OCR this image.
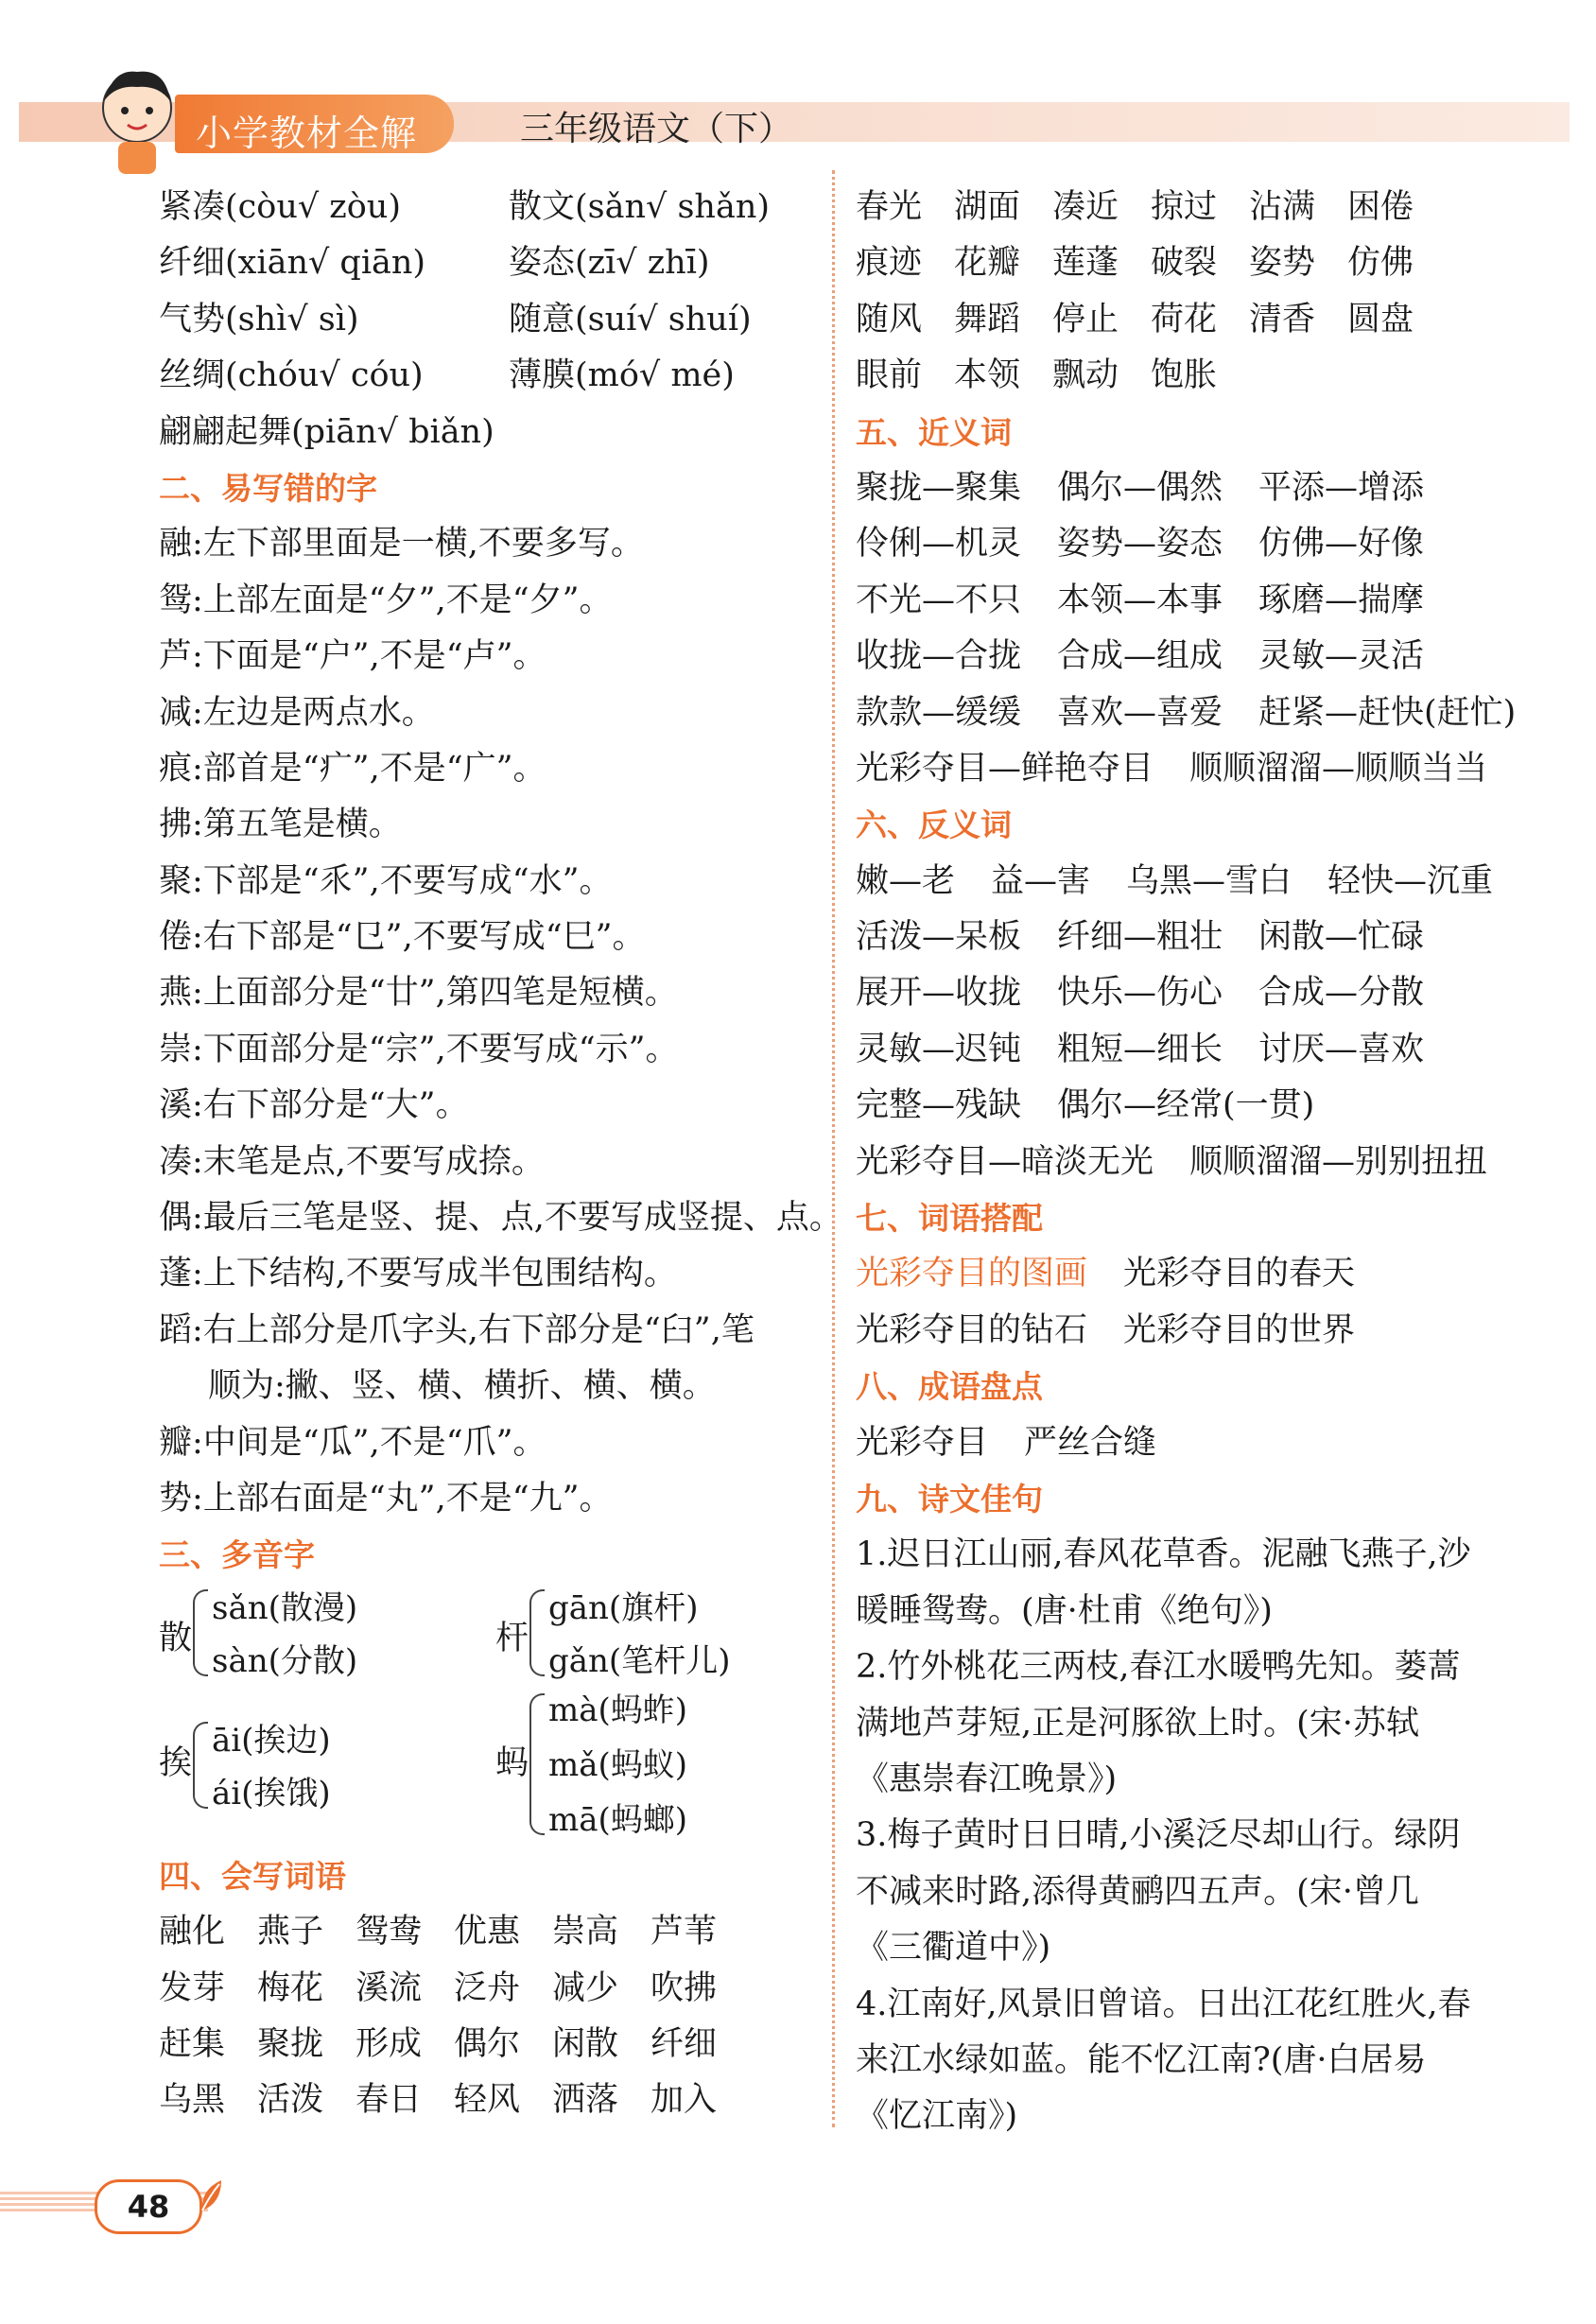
小学教材全解	三年级语文（下）
紧凑(còu√ zòu)	散文(sǎn√ shǎn)
纤细(xiān√ qiān)	姿态(zī√ zhī)
气势(shì√ sì)	随意(suí√ shuí)
丝绸(chóu√ cóu)	薄膜(mó√ mé)
翩翩起舞(piān√ biǎn)
二、易写错的字
融:左下部里面是一横,不要多写。
鸳:上部左面是“夕”,不是“夕”。
芦:下面是“户”,不是“卢”。
减:左边是两点水。
痕:部首是“疒”,不是“广”。
拂:第五笔是横。
聚:下部是“乑”,不要写成“水”。
倦:右下部是“㔾”,不要写成“巳”。
燕:上面部分是“廿”,第四笔是短横。
崇:下面部分是“宗”,不要写成“示”。
溪:右下部分是“大”。
凑:末笔是点,不要写成捺。
偶:最后三笔是竖、提、点,不要写成竖提、点。
蓬:上下结构,不要写成半包围结构。
蹈:右上部分是爪字头,右下部分是“臼”,笔
顺为:撇、竖、横、横折、横、横。
瓣:中间是“瓜”,不是“爪”。
势:上部右面是“丸”,不是“九”。
三、多音字
散
sǎn(散漫)
sàn(分散)
杆
gān(旗杆)
gǎn(笔杆儿)
挨
āi(挨边)
ái(挨饿)
蚂
mà(蚂蚱)
mǎ(蚂蚁)
mā(蚂螂)
四、会写词语
融化 燕子 鸳鸯 优惠 崇高 芦苇
发芽 梅花 溪流 泛舟 减少 吹拂
赶集 聚拢 形成 偶尔 闲散 纤细
乌黑 活泼 春日 轻风 洒落 加入
春光 湖面 凑近 掠过 沾满 困倦
痕迹 花瓣 莲蓬 破裂 姿势 仿佛
随风 舞蹈 停止 荷花 清香 圆盘
眼前 本领 飘动 饱胀
五、近义词
聚拢—聚集 偶尔—偶然 平添—增添
伶俐—机灵 姿势—姿态 仿佛—好像
不光—不只 本领—本事 琢磨—揣摩
收拢—合拢 合成—组成 灵敏—灵活
款款—缓缓 喜欢—喜爱 赶紧—赶快(赶忙)
光彩夺目—鲜艳夺目 顺顺溜溜—顺顺当当
六、反义词
嫩—老 益—害 乌黑—雪白 轻快—沉重
活泼—呆板 纤细—粗壮 闲散—忙碌
展开—收拢 快乐—伤心 合成—分散
灵敏—迟钝 粗短—细长 讨厌—喜欢
完整—残缺 偶尔—经常(一贯)
光彩夺目—暗淡无光 顺顺溜溜—别别扭扭
七、词语搭配
光彩夺目的图画 光彩夺目的春天
光彩夺目的钻石 光彩夺目的世界
八、成语盘点
光彩夺目 严丝合缝
九、诗文佳句
1.迟日江山丽,春风花草香。泥融飞燕子,沙
暖睡鸳鸯。(唐·杜甫《绝句》)
2.竹外桃花三两枝,春江水暖鸭先知。蒌蒿
满地芦芽短,正是河豚欲上时。(宋·苏轼
《惠崇春江晚景》)
3.梅子黄时日日晴,小溪泛尽却山行。绿阴
不减来时路,添得黄鹂四五声。(宋·曾几
《三衢道中》)
4.江南好,风景旧曾谙。日出江花红胜火,春
来江水绿如蓝。能不忆江南?(唐·白居易
《忆江南》)
48
